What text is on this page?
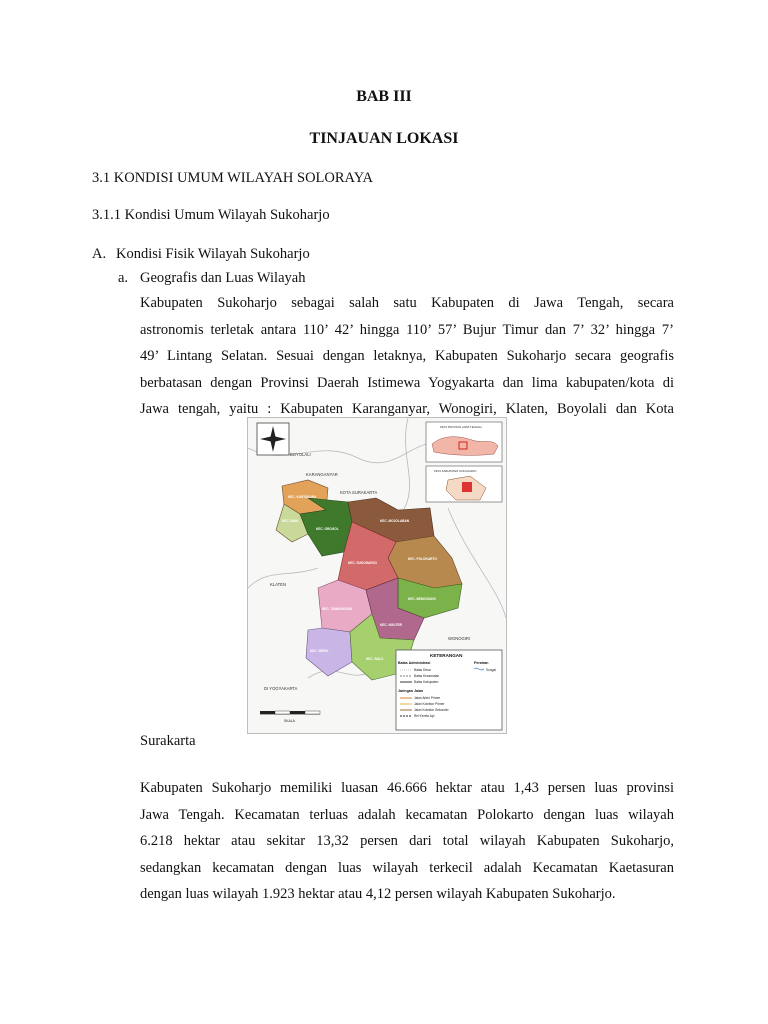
BAB III
TINJAUAN LOKASI

3.1 KONDISI UMUM WILAYAH SOLORAYA

3.1.1 Kondisi Umum Wilayah Sukoharjo

A. Kondisi Fisik Wilayah Sukoharjo

a. Geografis dan Luas Wilayah

Kabupaten Sukoharjo sebagai salah satu Kabupaten di Jawa Tengah, secara
astronomis terletak antara 110’ 42’ hingga 110’ 57’ Bujur Timur dan 7’ 32’ hingga 7’
49’ Lintang Selatan. Sesuai dengan letaknya, Kabupaten Sukoharjo secara geografis
berbatasan dengan Provinsi Daerah Istimewa Yogyakarta dan lima kabupaten/kota di
Jawa tengah, yaitu : Kabupaten Karanganyar, Wonogiri, Klaten, Boyolali dan Kota
BOYOLALI
KARANGANYAR
KOTA SURAKARTA
KLATEN
WONOGIRI
DI YOGYAKARTA
KEC. KARTASURA
KEC. BAKI
KEC. GROGOL
KEC. MOJOLABAN
KEC. POLOKARTO
KEC. SUKOHARJO
KEC. BENDOSARI
KEC. TAWANGSARI
KEC. NGUTER
KEC. WERU
KEC. BULU
PETA PROVINSI JAWA TENGAH
PETA KABUPATEN SUKOHARJO
KETERANGAN
Batas Administrasi	Perairan
Batas Desa
Batas Kecamatan
Batas Kabupaten
Sungai
Jaringan Jalan
Jalan Arteri Primer
Jalan Kolektor Primer
Jalan Kolektor Sekunder
Rel Kereta Api
SKALA

Surakarta

Kabupaten Sukoharjo memiliki luasan 46.666 hektar atau 1,43 persen luas provinsi
Jawa Tengah. Kecamatan terluas adalah kecamatan Polokarto dengan luas wilayah
6.218 hektar atau sekitar 13,32 persen dari total wilayah Kabupaten Sukoharjo,
sedangkan kecamatan dengan luas wilayah terkecil adalah Kecamatan Kaetasuran
dengan luas wilayah 1.923 hektar atau 4,12 persen wilayah Kabupaten Sukoharjo.
